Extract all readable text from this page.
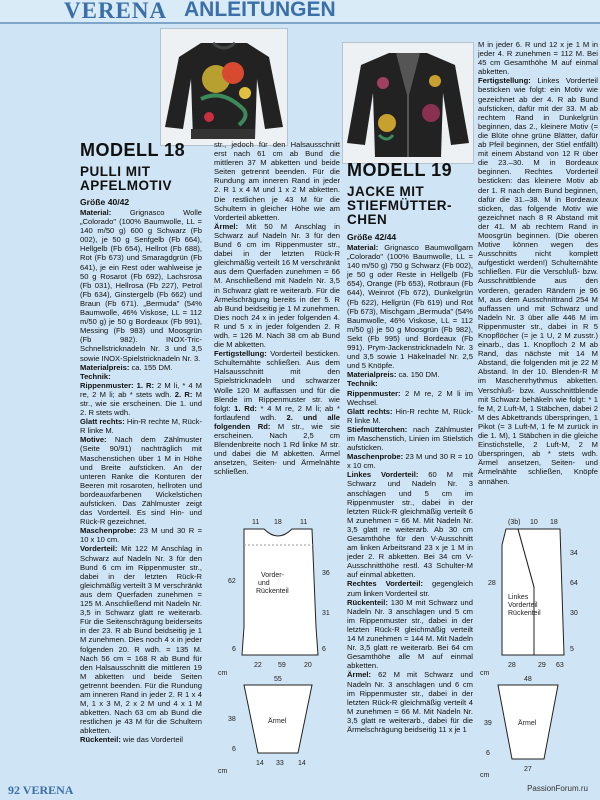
VERENA ANLEITUNGEN
MODELL 18
PULLI MIT
APFELMOTIV
Größe 40/42
MODELL 19
JACKE MIT
STIEFMÜTTER-
CHEN
Größe 42/44

Material: Grignasco Wolle „Colorado" (100% Baumwolle, LL = 140 m/50 g) 600 g Schwarz (Fb 002), je 50 g Senfgelb (Fb 664), Hellgelb (Fb 654), Hellrot (Fb 688), Rot (Fb 673) und Smaragdgrün (Fb 641), je ein Rest oder wahlweise je 50 g Rosarot (Fb 692), Lachsrosa (Fb 031), Hellrosa (Fb 227), Petrol (Fb 634), Ginstergelb (Fb 662) und Braun (Fb 671). „Bermuda" (54% Baumwolle, 46% Viskose, LL = 112 m/50 g) je 50 g Bordeaux (Fb 991), Messing (Fb 983) und Moosgrün (Fb 982). INOX-Tric-Schnellstricknadeln Nr. 3 und 3,5 sowie INOX-Spielstricknadeln Nr. 3.

Materialpreis: ca. 155 DM.

Technik:

Rippenmuster: 1. R: 2 M li, * 4 M re, 2 M li; ab * stets wdh. 2. R: M str., wie sie erscheinen. Die 1. und 2. R stets wdh.

Glatt rechts: Hin-R rechte M, Rück-R linke M.

Motive: Nach dem Zählmuster (Seite 90/91) nachträglich mit Maschenstichen über 1 M in Höhe und Breite aufsticken. An der unteren Ranke die Konturen der Beeren mit rosaroten, hellroten und bordeauxfarbenen Wickelstichen aufsticken. Das Zählmuster zeigt das Vorderteil. Es sind Hin- und Rück-R gezeichnet.

Maschenprobe: 23 M und 30 R = 10 x 10 cm.

Vorderteil: Mit 122 M Anschlag in Schwarz auf Nadeln Nr. 3 für den Bund 6 cm im Rippenmuster str., dabei in der letzten Rück-R gleichmäßig verteilt 3 M verschränkt aus dem Querfaden zunehmen = 125 M. Anschließend mit Nadeln Nr. 3,5 in Schwarz glatt re weiterarb. Für die Seitenschrägung beiderseits in der 23. R ab Bund beidseitig je 1 M zunehmen. Dies noch 4 x in jeder folgenden 20. R wdh. = 135 M. Nach 56 cm = 168 R ab Bund für den Halsausschnitt die mittleren 19 M abketten und beide Seiten getrennt beenden. Für die Rundung am inneren Rand in jeder 2. R 1 x 4 M, 1 x 3 M, 2 x 2 M und 4 x 1 M abketten. Nach 63 cm ab Bund die restlichen je 43 M für die Schultern abketten.

Rückenteil: wie das Vorderteil

str., jedoch für den Halsausschnitt erst nach 61 cm ab Bund die mittleren 37 M abketten und beide Seiten getrennt beenden. Für die Rundung am inneren Rand in jeder 2. R 1 x 4 M und 1 x 2 M abketten. Die restlichen je 43 M für die Schultern in gleicher Höhe wie am Vorderteil abketten.

Ärmel: Mit 50 M Anschlag in Schwarz auf Nadeln Nr. 3 für den Bund 6 cm im Rippenmuster str., dabei in der letzten Rück-R gleichmäßig verteilt 16 M verschränkt aus dem Querfaden zunehmen = 66 M. Anschließend mit Nadeln Nr. 3,5 in Schwarz glatt re weiterarb. Für die Ärmelschrägung bereits in der 5. R ab Bund beidseitig je 1 M zunehmen. Dies noch 24 x in jeder folgenden 4. R und 5 x in jeder folgenden 2. R wdh. = 126 M. Nach 38 cm ab Bund die M abketten.

Fertigstellung: Vorderteil besticken. Schulternähte schließen. Aus dem Halsausschnitt mit den Spielstricknadeln und schwarzer Wolle 120 M auffassen und für die Blende im Rippenmuster str. wie folgt: 1. Rd: * 4 M re, 2 M li; ab * fortlaufend wdh. 2. und alle folgenden Rd: M str., wie sie erscheinen. Nach 2,5 cm Blendenbreite noch 1 Rd linke M str. und dabei die M abketten. Ärmel ansetzen, Seiten- und Ärmelnähte schließen.

Material: Grignasco Baumwollgarn „Colorado" (100% Baumwolle, LL = 140 m/50 g) 750 g Schwarz (Fb 002), je 50 g oder Reste in Hellgelb (Fb 654), Orange (Fb 653), Rotbraun (Fb 644), Weinrot (Fb 672), Dunkelgrün (Fb 622), Hellgrün (Fb 619) und Rot (Fb 673), Mischgarn „Bermuda" (54% Baumwolle, 46% Viskose, LL = 112 m/50 g) je 50 g Moosgrün (Fb 982), Sekt (Fb 995) und Bordeaux (Fb 991). Prym-Jackenstricknadeln Nr. 3 und 3,5 sowie 1 Häkelnadel Nr. 2,5 und 5 Knöpfe.

Materialpreis: ca. 150 DM.

Technik:

Rippenmuster: 2 M re, 2 M li im Wechsel.

Glatt rechts: Hin-R rechte M, Rück-R linke M.

Stiefmütterchen: nach Zählmuster im Maschenstich, Linien im Stielstich aufsticken.

Maschenprobe: 23 M und 30 R = 10 x 10 cm.

Linkes Vorderteil: 60 M mit Schwarz und Nadeln Nr. 3 anschlagen und 5 cm im Rippenmuster str., dabei in der letzten Rück-R gleichmäßig verteilt 6 M zunehmen = 66 M. Mit Nadeln Nr. 3,5 glatt re weiterarb. Ab 30 cm Gesamthöhe für den V-Ausschnitt am linken Arbeitsrand 23 x je 1 M in jeder 2. R abketten. Bei 34 cm V-Ausschnitthöhe restl. 43 Schulter-M auf einmal abketten.

Rechtes Vorderteil: gegengleich zum linken Vorderteil str.

Rückenteil: 130 M mit Schwarz und Nadeln Nr. 3 anschlagen und 5 cm im Rippenmuster str., dabei in der letzten Rück-R gleichmäßig verteilt 14 M zunehmen = 144 M. Mit Nadeln Nr. 3,5 glatt re weiterarb. Bei 64 cm Gesamthöhe alle M auf einmal abketten.

Ärmel: 62 M mit Schwarz und Nadeln Nr. 3 anschlagen und 6 cm im Rippenmuster str., dabei in der letzten Rück-R gleichmäßig verteilt 4 M zunehmen = 66 M. Mit Nadeln Nr. 3,5 glatt re weiterarb., dabei für die Ärmelschrägung beidseitig 11 x je 1

M in jeder 6. R und 12 x je 1 M in jeder 4. R zunehmen = 112 M. Bei 45 cm Gesamthöhe M auf einmal abketten.

Fertigstellung: Linkes Vorderteil besticken wie folgt: ein Motiv wie gezeichnet ab der 4. R ab Bund aufsticken, dafür mit der 33. M ab rechtem Rand in Dunkelgrün beginnen, das 2., kleinere Motiv (= die Blüte ohne grüne Blätter, dafür ab Pfeil beginnen, der Stiel entfällt) mit einem Abstand von 12 R über die 23.–30. M in Bordeaux beginnen. Rechtes Vorderteil besticken: das kleinere Motiv ab der 1. R nach dem Bund beginnen, dafür die 31.–38. M in Bordeaux sticken, das folgende Motiv wie gezeichnet nach 8 R Abstand mit der 41. M ab rechtem Rand in Moosgrün beginnen. (Die oberen Motive können wegen des Ausschnitts nicht komplett aufgestickt werden!) Schulternähte schließen. Für die Verschluß- bzw. Ausschnittblende aus den vorderen, geraden Rändern je 96 M, aus dem Ausschnittrand 254 M auffassen und mit Schwarz und Nadeln Nr. 3 über alle 446 M im Rippenmuster str., dabei in R 5 Knopflöcher (= je 1 U, 2 M zusstr.) einarb., das 1. Knopfloch 2 M ab Rand, das nächste mit 14 M Abstand, die folgenden mit je 22 M Abstand. In der 10. Blenden-R M im Maschenrhythmus abketten. Verschluß- bzw. Ausschnittblende mit Schwarz behäkeln wie folgt: * 1 fe M, 2 Luft-M, 1 Stäbchen, dabei 2 M des Abkettrands überspringen, 1 Pikot (= 3 Luft-M, 1 fe M zurück in die 1. M), 1 Stäbchen in die gleiche Einstichstelle, 2 Luft-M, 2 M überspringen, ab * stets wdh. Ärmel ansetzen, Seiten- und Ärmelnähte schließen, Knöpfe annähen.

Vorder-
und
Rückenteil
11 18	11
62
6
36
31
6
22 59	20
Ärmel
55
38
6
14 33 14
cm
cm
Linkes
Vorderteil
Rückenteil
(3b) 10 18
34
64
30
5
28
28	29 63
Ärmel
48
39
6
27
cm
cm
92 VERENA	PassionForum.ru
